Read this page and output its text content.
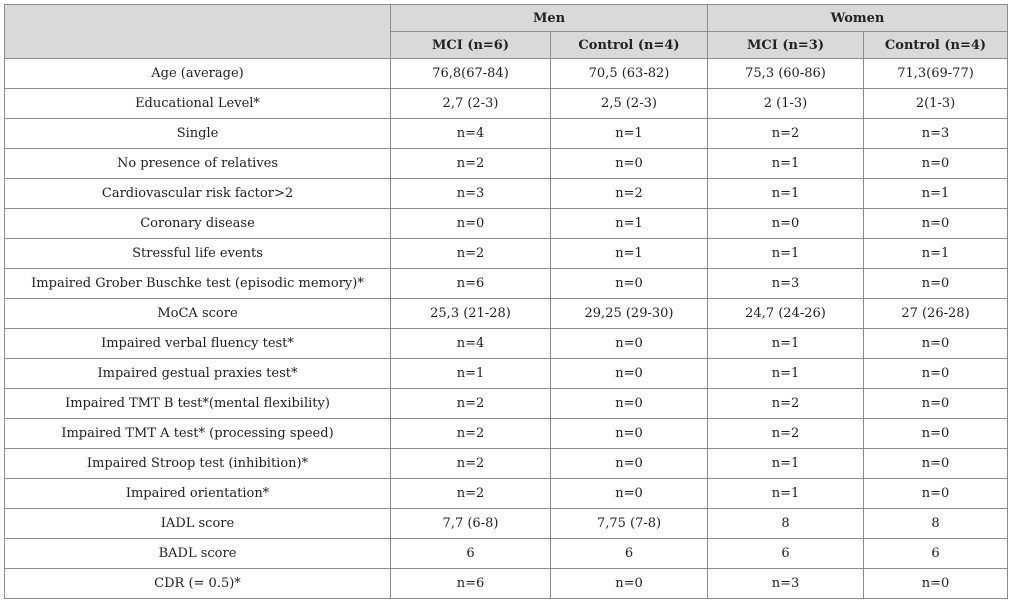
	Men		Women	
	MCI (n=6)	Control (n=4)	MCI (n=3)	Control (n=4)
Age (average)	76,8(67-84)	70,5 (63-82)	75,3 (60-86)	71,3(69-77)
Educational Level*	2,7 (2-3)	2,5 (2-3)	2 (1-3)	2(1-3)
Single	n=4	n=1	n=2	n=3
No presence of relatives	n=2	n=0	n=1	n=0
Cardiovascular risk factor>2	n=3	n=2	n=1	n=1
Coronary disease	n=0	n=1	n=0	n=0
Stressful life events	n=2	n=1	n=1	n=1
Impaired Grober Buschke test (episodic memory)*	n=6	n=0	n=3	n=0
MoCA score	25,3 (21-28)	29,25 (29-30)	24,7 (24-26)	27 (26-28)
Impaired verbal fluency test*	n=4	n=0	n=1	n=0
Impaired gestual praxies test*	n=1	n=0	n=1	n=0
Impaired TMT B test*(mental flexibility)	n=2	n=0	n=2	n=0
Impaired TMT A test* (processing speed)	n=2	n=0	n=2	n=0
Impaired Stroop test (inhibition)*	n=2	n=0	n=1	n=0
Impaired orientation*	n=2	n=0	n=1	n=0
IADL score	7,7 (6-8)	7,75 (7-8)	8	8
BADL score	6	6	6	6
CDR (= 0.5)*	n=6	n=0	n=3	n=0
